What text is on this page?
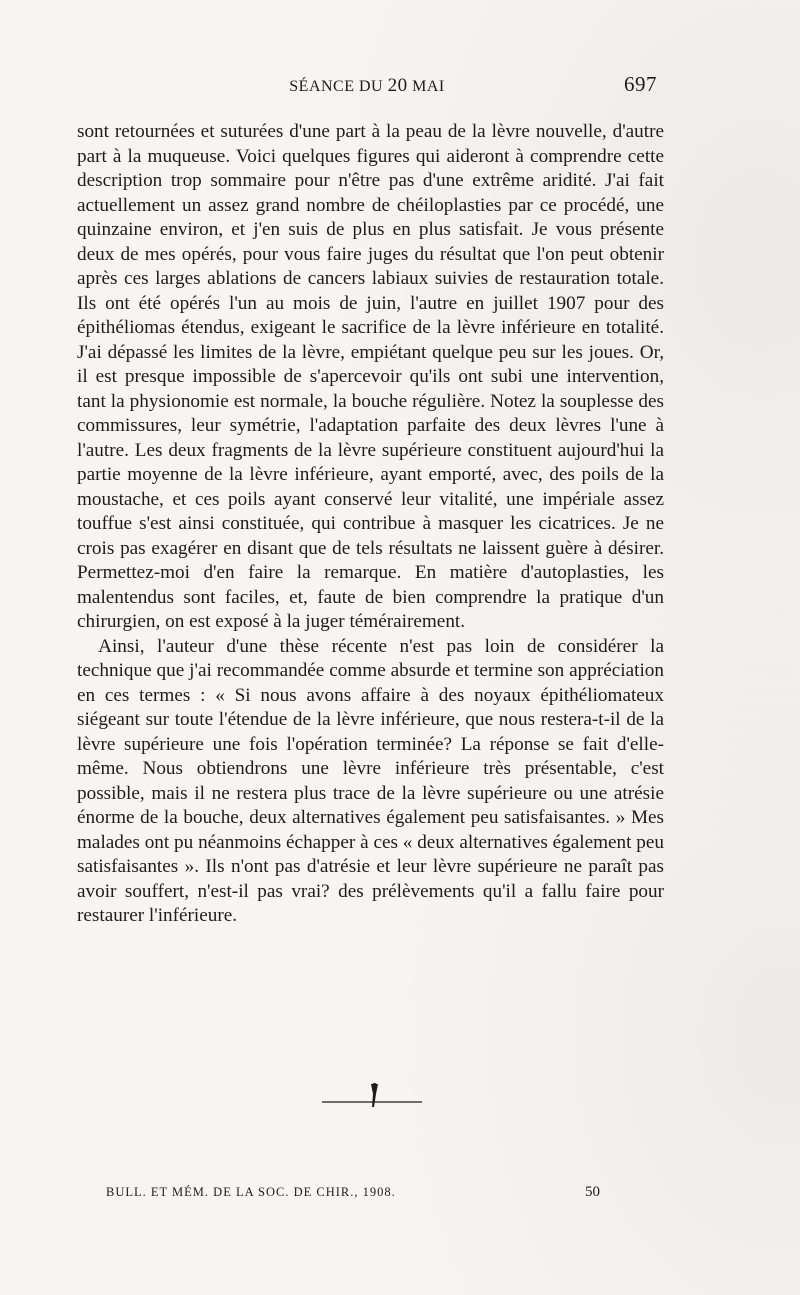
SÉANCE DU 20 MAI	697

sont retournées et suturées d'une part à la peau de la lèvre nouvelle, d'autre part à la muqueuse. Voici quelques figures qui aideront à comprendre cette description trop sommaire pour n'être pas d'une extrême aridité. J'ai fait actuellement un assez grand nombre de chéiloplasties par ce procédé, une quinzaine environ, et j'en suis de plus en plus satisfait. Je vous présente deux de mes opérés, pour vous faire juges du résultat que l'on peut obtenir après ces larges ablations de cancers labiaux suivies de restauration totale. Ils ont été opérés l'un au mois de juin, l'autre en juillet 1907 pour des épithéliomas étendus, exigeant le sacrifice de la lèvre inférieure en totalité. J'ai dépassé les limites de la lèvre, empiétant quelque peu sur les joues. Or, il est presque impossible de s'apercevoir qu'ils ont subi une intervention, tant la physionomie est normale, la bouche régulière. Notez la souplesse des commissures, leur symétrie, l'adaptation parfaite des deux lèvres l'une à l'autre. Les deux fragments de la lèvre supérieure constituent aujourd'hui la partie moyenne de la lèvre inférieure, ayant emporté, avec, des poils de la moustache, et ces poils ayant conservé leur vitalité, une impériale assez touffue s'est ainsi constituée, qui contribue à masquer les cicatrices. Je ne crois pas exagérer en disant que de tels résultats ne laissent guère à désirer. Permettez-moi d'en faire la remarque. En matière d'autoplasties, les malentendus sont faciles, et, faute de bien comprendre la pratique d'un chirurgien, on est exposé à la juger témérairement.

Ainsi, l'auteur d'une thèse récente n'est pas loin de considérer la technique que j'ai recommandée comme absurde et termine son appréciation en ces termes : « Si nous avons affaire à des noyaux épithéliomateux siégeant sur toute l'étendue de la lèvre inférieure, que nous restera-t-il de la lèvre supérieure une fois l'opération terminée? La réponse se fait d'elle-même. Nous obtiendrons une lèvre inférieure très présentable, c'est possible, mais il ne restera plus trace de la lèvre supérieure ou une atrésie énorme de la bouche, deux alternatives également peu satisfaisantes. » Mes malades ont pu néanmoins échapper à ces « deux alternatives également peu satisfaisantes ». Ils n'ont pas d'atrésie et leur lèvre supérieure ne paraît pas avoir souffert, n'est-il pas vrai? des prélèvements qu'il a fallu faire pour restaurer l'inférieure.

BULL. ET MÉM. DE LA SOC. DE CHIR., 1908.	50
